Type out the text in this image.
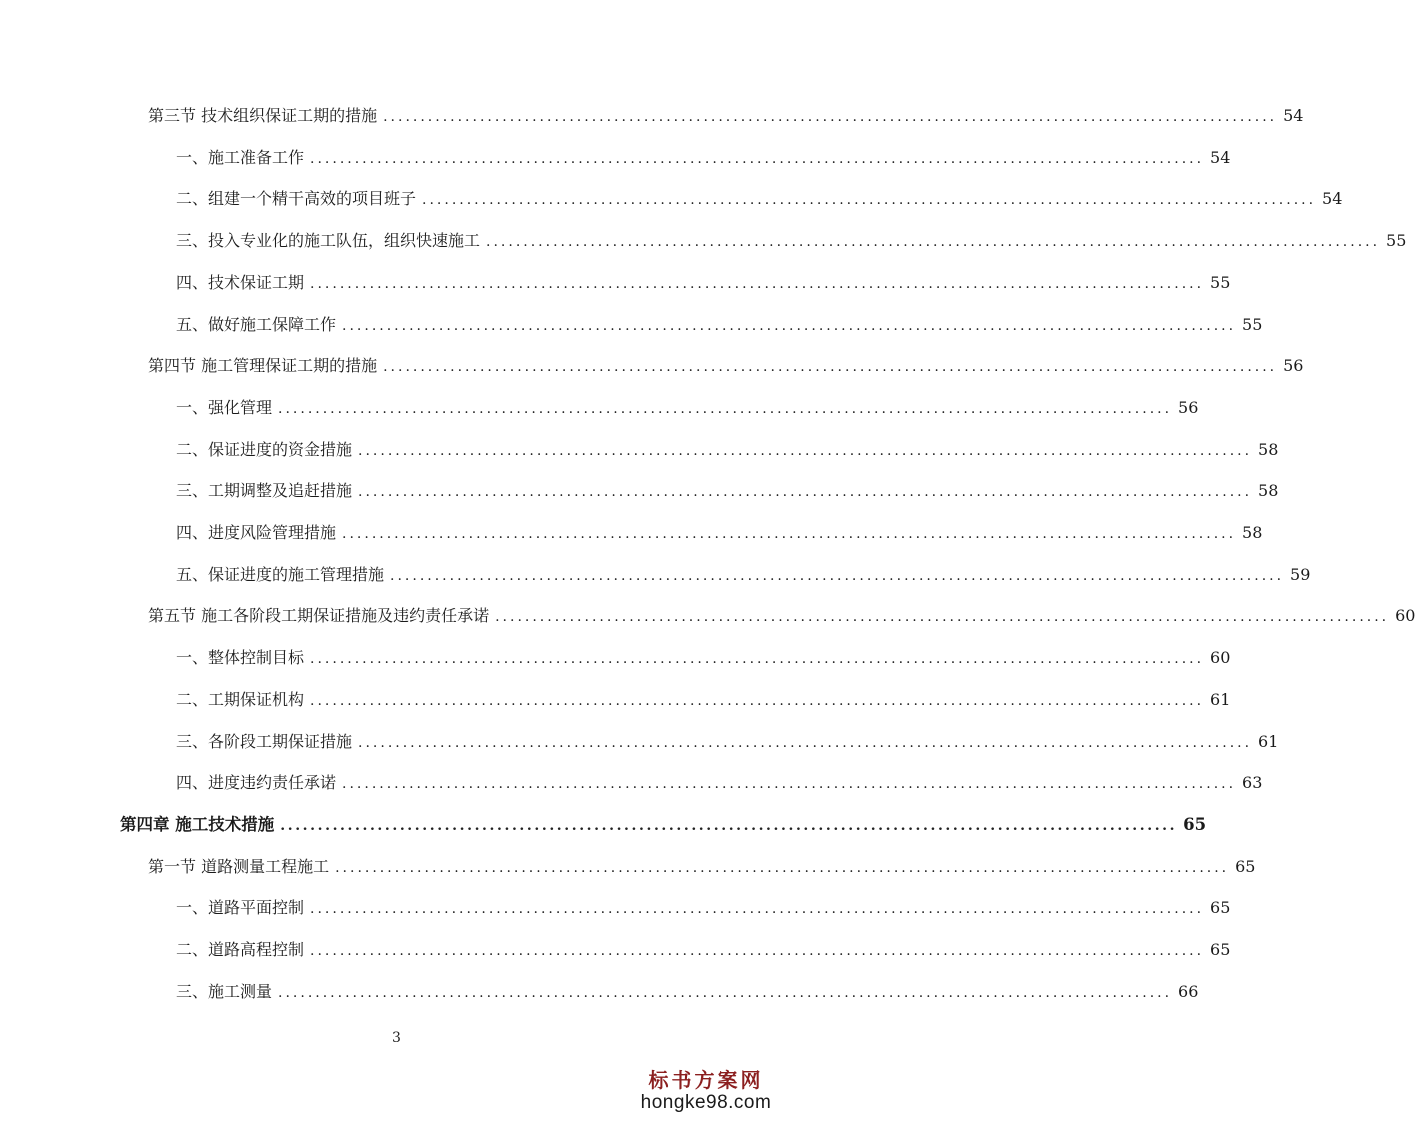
第三节 技术组织保证工期的措施 ........................................................................................................................ 54
一、施工准备工作 ........................................................................................................................ 54
二、组建一个精干高效的项目班子 ........................................................................................................................ 54
三、投入专业化的施工队伍，组织快速施工 ........................................................................................................................ 55
四、技术保证工期 ........................................................................................................................ 55
五、做好施工保障工作 ........................................................................................................................ 55
第四节 施工管理保证工期的措施 ........................................................................................................................ 56
一、强化管理 ........................................................................................................................ 56
二、保证进度的资金措施 ........................................................................................................................ 58
三、工期调整及追赶措施 ........................................................................................................................ 58
四、进度风险管理措施 ........................................................................................................................ 58
五、保证进度的施工管理措施 ........................................................................................................................ 59
第五节 施工各阶段工期保证措施及违约责任承诺 ........................................................................................................................ 60
一、整体控制目标 ........................................................................................................................ 60
二、工期保证机构 ........................................................................................................................ 61
三、各阶段工期保证措施 ........................................................................................................................ 61
四、进度违约责任承诺 ........................................................................................................................ 63
第四章 施工技术措施 ........................................................................................................................ 65
第一节 道路测量工程施工 ........................................................................................................................ 65
一、道路平面控制 ........................................................................................................................ 65
二、道路高程控制 ........................................................................................................................ 65
三、施工测量 ........................................................................................................................ 66
3
标书方案网
hongke98.com
